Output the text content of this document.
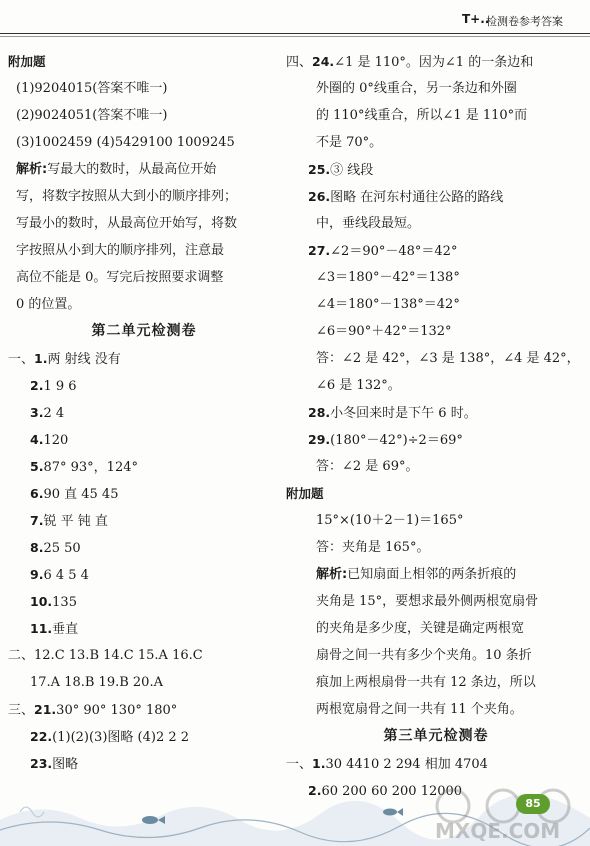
T+..
检测卷参考答案
附加题
(1)9204015(答案不唯一)
(2)9024051(答案不唯一)
(3)1002459 (4)5429100 1009245
解析:写最大的数时，从最高位开始
写，将数字按照从大到小的顺序排列；
写最小的数时，从最高位开始写，将数
字按照从小到大的顺序排列，注意最
高位不能是 0。写完后按照要求调整
0 的位置。
第二单元检测卷
一、1.两 射线 没有
2.1 9 6
3.2 4
4.120
5.87° 93°，124°
6.90 直 45 45
7.锐 平 钝 直
8.25 50
9.6 4 5 4
10.135
11.垂直
二、12.C 13.B 14.C 15.A 16.C
17.A 18.B 19.B 20.A
三、21.30° 90° 130° 180°
22.(1)(2)(3)图略 (4)2 2 2
23.图略
四、24.∠1 是 110°。因为∠1 的一条边和
外圈的 0°线重合，另一条边和外圈
的 110°线重合，所以∠1 是 110°而
不是 70°。
25.③ 线段
26.图略 在河东村通往公路的路线
中，垂线段最短。
27.∠2＝90°－48°＝42°
∠3＝180°－42°＝138°
∠4＝180°－138°＝42°
∠6＝90°＋42°＝132°
答：∠2 是 42°，∠3 是 138°，∠4 是 42°，
∠6 是 132°。
28.小冬回来时是下午 6 时。
29.(180°－42°)÷2＝69°
答：∠2 是 69°。
附加题
15°×(10＋2－1)＝165°
答：夹角是 165°。
解析:已知扇面上相邻的两条折痕的
夹角是 15°，要想求最外侧两根宽扇骨
的夹角是多少度，关键是确定两根宽
扇骨之间一共有多少个夹角。10 条折
痕加上两根扇骨一共有 12 条边，所以
两根宽扇骨之间一共有 11 个夹角。
第三单元检测卷
一、1.30 4410 2 294 相加 4704
2.60 200 60 200 12000
MXQE.COM
85
